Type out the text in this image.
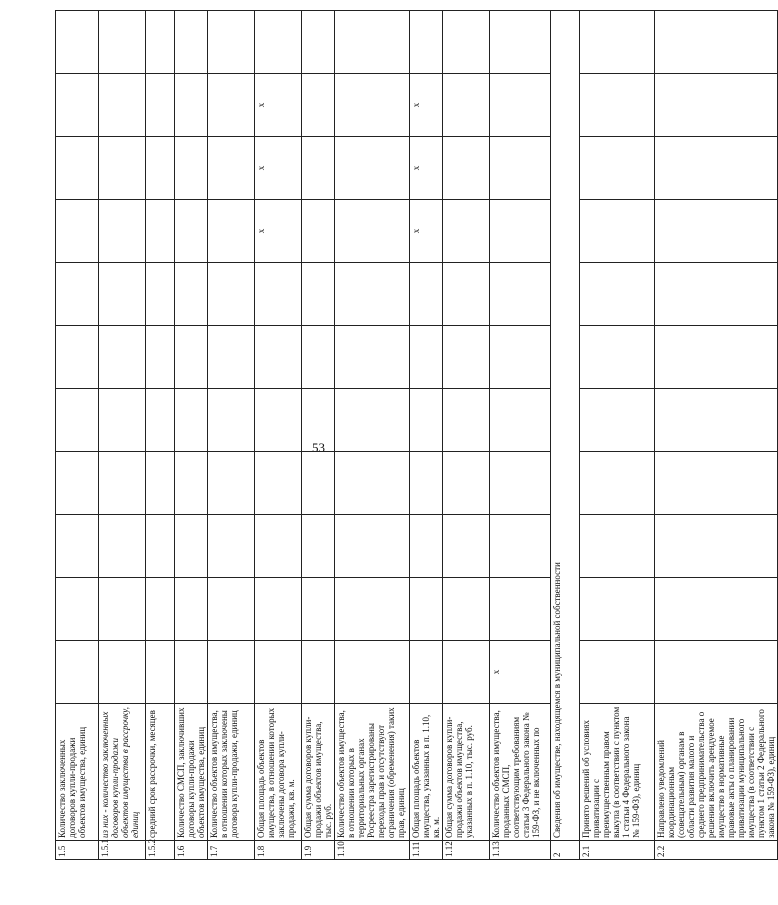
53
1.5	Количество заключенных договоров купли-продажи объектов имущества, единиц											
1.5.1	из них - количество заключенных договоров купли-продажи объектов имущества в рассрочку, единиц											
1.5.2	средний срок рассрочки, месяцев											
1.6	Количество СМСП, заключивших договоры купли-продажи объектов имущества, единиц											
1.7	Количество объектов имущества, в отношении которых заключены договора купли-продажи, единиц											
1.8	Общая площадь объектов имущества, в отношении которых заключены договора купли-продажи, кв. м.								x	x	x	
1.9	Общая сумма договоров купли-продажи объектов имущества, тыс. руб.											
1.10	Количество объектов имущества, в отношении которых в территориальных органах Росреестра зарегистрированы переходы прав и отсутствуют ограничения (обременения) таких прав, единиц											
1.11	Общая площадь объектов имущества, указанных в п. 1.10, кв. м.								x	x	x	
1.12	Общая сумма договоров купли-продажи объектов имущества, указанных в п. 1.10, тыс. руб.											
1.13	Количество объектов имущества, проданных СМСП, соответствующим требованиям статьи 3 Федерального закона № 159-ФЗ, и не включенных по	x										
2	Сведения об имуществе, находящемся в муниципальной собственности											
2.1	Принято решений об условиях приватизации с преимущественным правом выкупа (в соответствии с пунктом 1 статьи 4 Федерального закона № 159-ФЗ), единиц											
2.2	Направлено уведомлений координационным (совещательным) органам в области развития малого и среднего предпринимательства о решении включить арендуемое имущество в нормативные правовые акты о планировании приватизации муниципального имущества (в соответствии с пунктом 1 статьи 2 Федерального закона № 159-ФЗ), единиц											
